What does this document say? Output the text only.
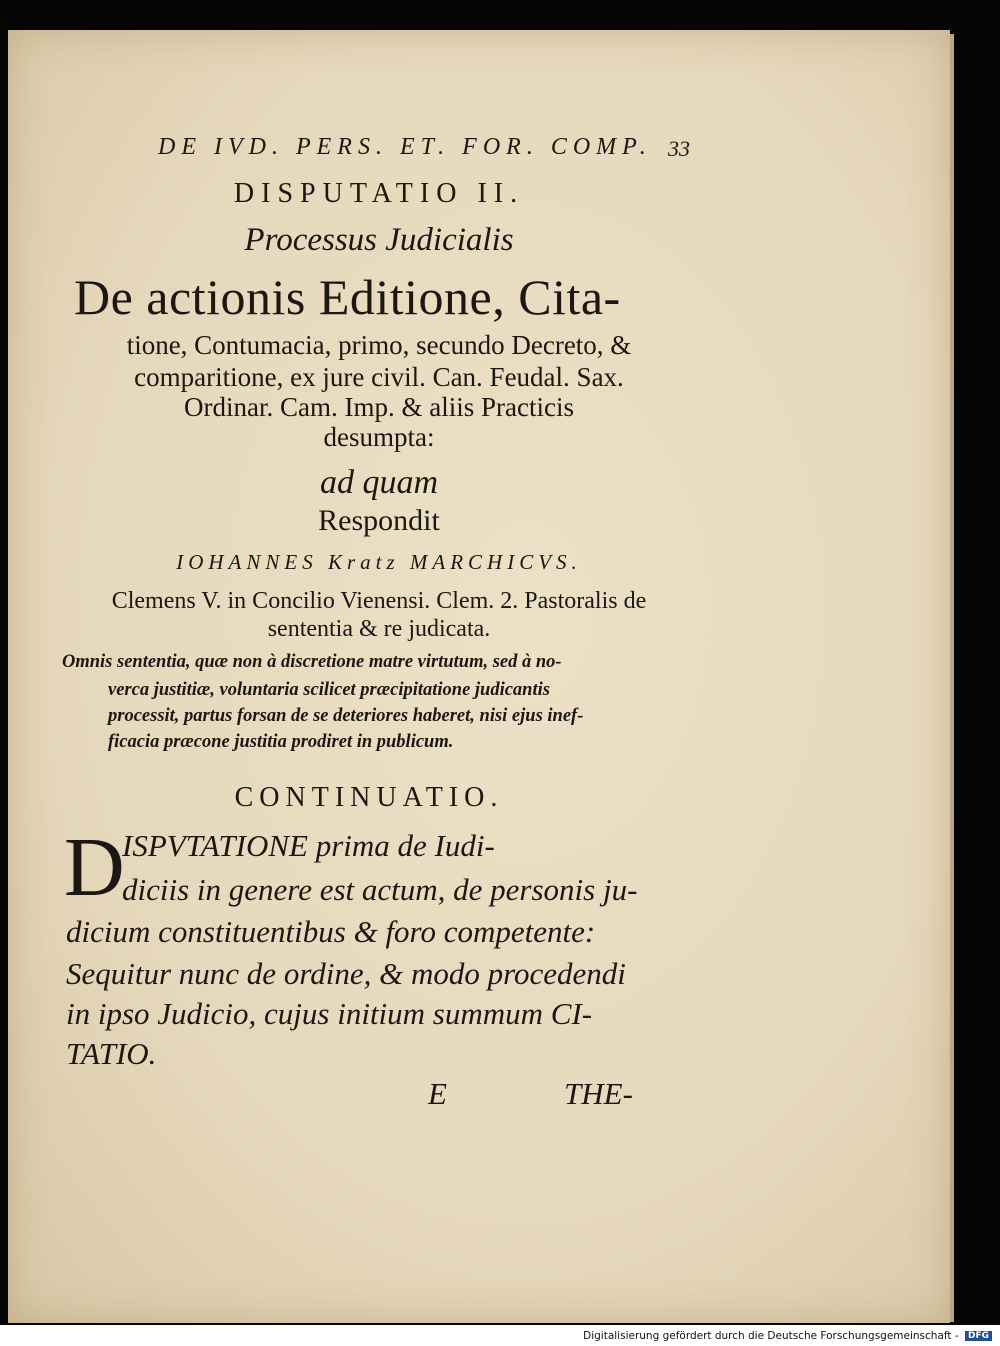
DE IVD. PERS. ET. FOR. COMP. 33
DISPUTATIO II.
Processus Judicialis
De actionis Editione, Cita-
tione, Contumacia, primo, secundo Decreto, &
comparitione, ex jure civil. Can. Feudal. Sax.
Ordinar. Cam. Imp. & aliis Practicis
desumpta:
ad quam
Respondit
IOHANNES Kratz MARCHICVS.
Clemens V. in Concilio Vienensi. Clem. 2. Pastoralis de
sententia & re judicata.
Omnis sententia, quæ non à discretione matre virtutum, sed à no-
verca justitiæ, voluntaria scilicet præcipitatione judicantis
processit, partus forsan de se deteriores haberet, nisi ejus inef-
ficacia præcone justitia prodiret in publicum.
CONTINUATIO.
D
ISPVTATIONE prima de Iudi-
diciis in genere est actum, de personis ju-
dicium constituentibus & foro competente:
Sequitur nunc de ordine, & modo procedendi
in ipso Judicio, cujus initium summum CI-
TATIO.
E	THE-
Digitalisierung gefördert durch die Deutsche Forschungsgemeinschaft - DFG
